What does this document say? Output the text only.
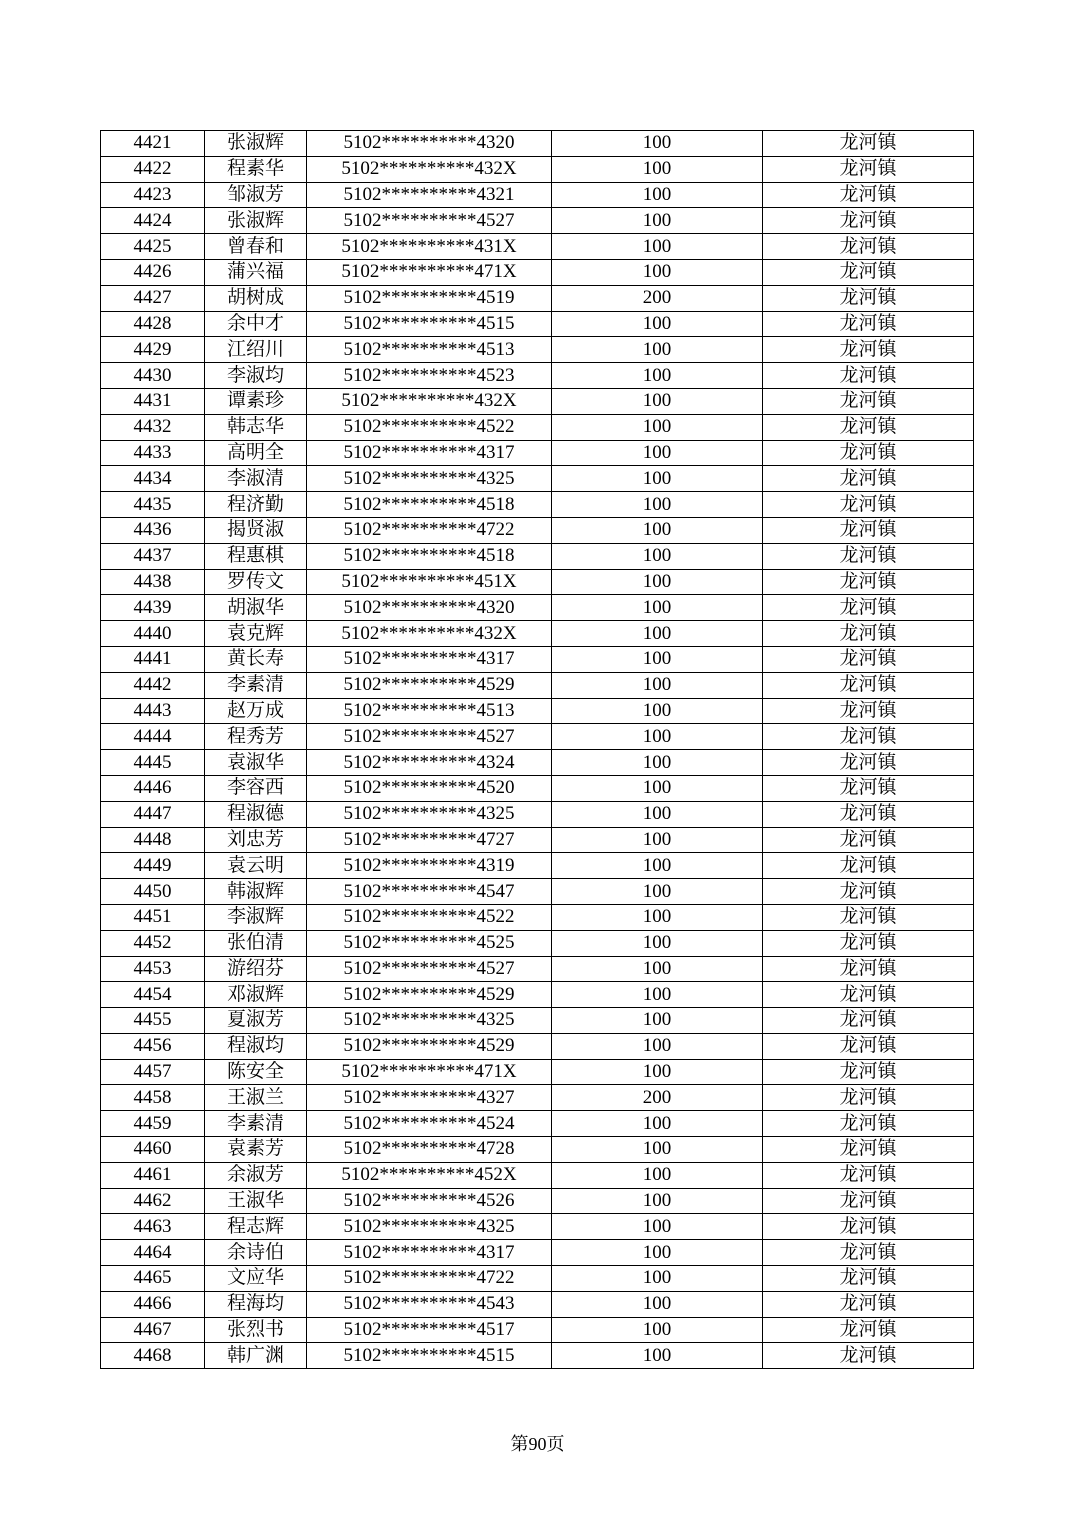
4421	张淑辉	5102**********4320	100	龙河镇
4422	程素华	5102**********432X	100	龙河镇
4423	邹淑芳	5102**********4321	100	龙河镇
4424	张淑辉	5102**********4527	100	龙河镇
4425	曾春和	5102**********431X	100	龙河镇
4426	蒲兴福	5102**********471X	100	龙河镇
4427	胡树成	5102**********4519	200	龙河镇
4428	余中才	5102**********4515	100	龙河镇
4429	江绍川	5102**********4513	100	龙河镇
4430	李淑均	5102**********4523	100	龙河镇
4431	谭素珍	5102**********432X	100	龙河镇
4432	韩志华	5102**********4522	100	龙河镇
4433	高明全	5102**********4317	100	龙河镇
4434	李淑清	5102**********4325	100	龙河镇
4435	程济勤	5102**********4518	100	龙河镇
4436	揭贤淑	5102**********4722	100	龙河镇
4437	程惠棋	5102**********4518	100	龙河镇
4438	罗传文	5102**********451X	100	龙河镇
4439	胡淑华	5102**********4320	100	龙河镇
4440	袁克辉	5102**********432X	100	龙河镇
4441	黄长寿	5102**********4317	100	龙河镇
4442	李素清	5102**********4529	100	龙河镇
4443	赵万成	5102**********4513	100	龙河镇
4444	程秀芳	5102**********4527	100	龙河镇
4445	袁淑华	5102**********4324	100	龙河镇
4446	李容西	5102**********4520	100	龙河镇
4447	程淑德	5102**********4325	100	龙河镇
4448	刘忠芳	5102**********4727	100	龙河镇
4449	袁云明	5102**********4319	100	龙河镇
4450	韩淑辉	5102**********4547	100	龙河镇
4451	李淑辉	5102**********4522	100	龙河镇
4452	张伯清	5102**********4525	100	龙河镇
4453	游绍芬	5102**********4527	100	龙河镇
4454	邓淑辉	5102**********4529	100	龙河镇
4455	夏淑芳	5102**********4325	100	龙河镇
4456	程淑均	5102**********4529	100	龙河镇
4457	陈安全	5102**********471X	100	龙河镇
4458	王淑兰	5102**********4327	200	龙河镇
4459	李素清	5102**********4524	100	龙河镇
4460	袁素芳	5102**********4728	100	龙河镇
4461	余淑芳	5102**********452X	100	龙河镇
4462	王淑华	5102**********4526	100	龙河镇
4463	程志辉	5102**********4325	100	龙河镇
4464	余诗伯	5102**********4317	100	龙河镇
4465	文应华	5102**********4722	100	龙河镇
4466	程海均	5102**********4543	100	龙河镇
4467	张烈书	5102**********4517	100	龙河镇
4468	韩广渊	5102**********4515	100	龙河镇
第90页
